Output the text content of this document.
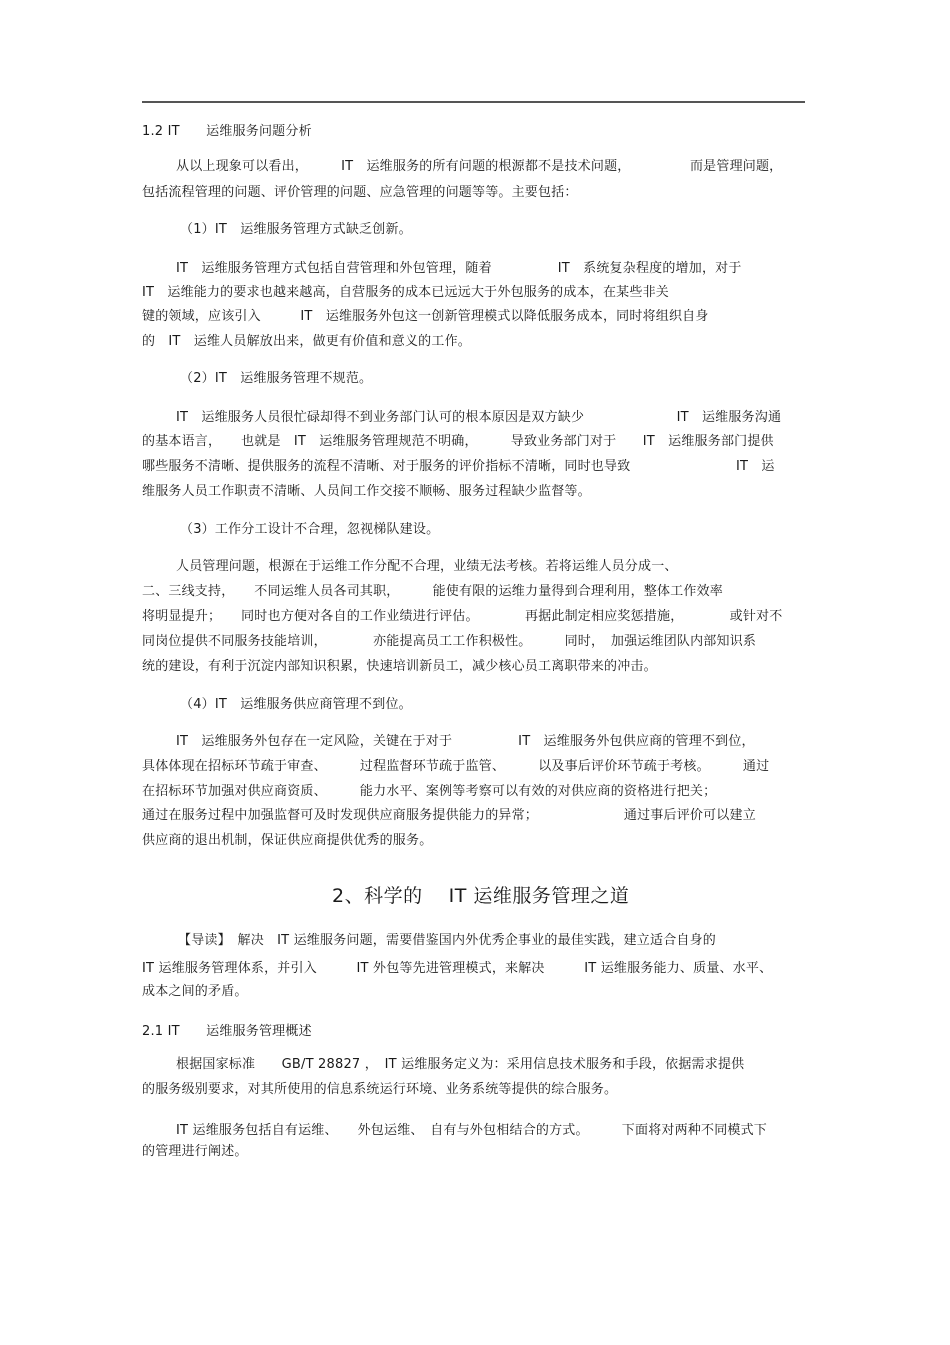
1.2 IT　　运维服务问题分析
从以上现象可以看出，　　　IT　运维服务的所有问题的根源都不是技术问题，　　　　　而是管理问题，
包括流程管理的问题、评价管理的问题、应急管理的问题等等。主要包括：
（1）IT　运维服务管理方式缺乏创新。
IT　运维服务管理方式包括自营管理和外包管理，随着　　　　　IT　系统复杂程度的增加，对于
IT　运维能力的要求也越来越高，自营服务的成本已远远大于外包服务的成本，在某些非关
键的领域，应该引入　　　IT　运维服务外包这一创新管理模式以降低服务成本，同时将组织自身
的　IT　运维人员解放出来，做更有价值和意义的工作。
（2）IT　运维服务管理不规范。
IT　运维服务人员很忙碌却得不到业务部门认可的根本原因是双方缺少　　　　　　　IT　运维服务沟通
的基本语言，　　也就是　IT　运维服务管理规范不明确，　　　导致业务部门对于　　IT　运维服务部门提供
哪些服务不清晰、提供服务的流程不清晰、对于服务的评价指标不清晰，同时也导致　　　　　　　　IT　运
维服务人员工作职责不清晰、人员间工作交接不顺畅、服务过程缺少监督等。
（3）工作分工设计不合理，忽视梯队建设。
人员管理问题，根源在于运维工作分配不合理，业绩无法考核。若将运维人员分成一、
二、三线支持，　　不同运维人员各司其职，　　　能使有限的运维力量得到合理利用，整体工作效率
将明显提升；　　同时也方便对各自的工作业绩进行评估。　　　　再据此制定相应奖惩措施，　　　　或针对不
同岗位提供不同服务技能培训，　　　　亦能提高员工工作积极性。　　　同时，　加强运维团队内部知识系
统的建设，有利于沉淀内部知识积累，快速培训新员工，减少核心员工离职带来的冲击。
（4）IT　运维服务供应商管理不到位。
IT　运维服务外包存在一定风险，关键在于对于　　　　　IT　运维服务外包供应商的管理不到位，
具体体现在招标环节疏于审查、　　　过程监督环节疏于监管、　　　以及事后评价环节疏于考核。　　　通过
在招标环节加强对供应商资质、　　　能力水平、案例等考察可以有效的对供应商的资格进行把关；
通过在服务过程中加强监督可及时发现供应商服务提供能力的异常；　　　　　　　通过事后评价可以建立
供应商的退出机制，保证供应商提供优秀的服务。
2、科学的　 IT 运维服务管理之道
【导读】　解决　IT 运维服务问题，需要借鉴国内外优秀企事业的最佳实践，建立适合自身的
IT 运维服务管理体系，并引入　　　IT 外包等先进管理模式，来解决　　　IT 运维服务能力、质量、水平、
成本之间的矛盾。
2.1 IT　　运维服务管理概述
根据国家标准　　GB/T 28827 ，　IT 运维服务定义为：采用信息技术服务和手段，依据需求提供
的服务级别要求，对其所使用的信息系统运行环境、业务系统等提供的综合服务。
IT 运维服务包括自有运维、　　外包运维、　自有与外包相结合的方式。　　　下面将对两种不同模式下
的管理进行阐述。
